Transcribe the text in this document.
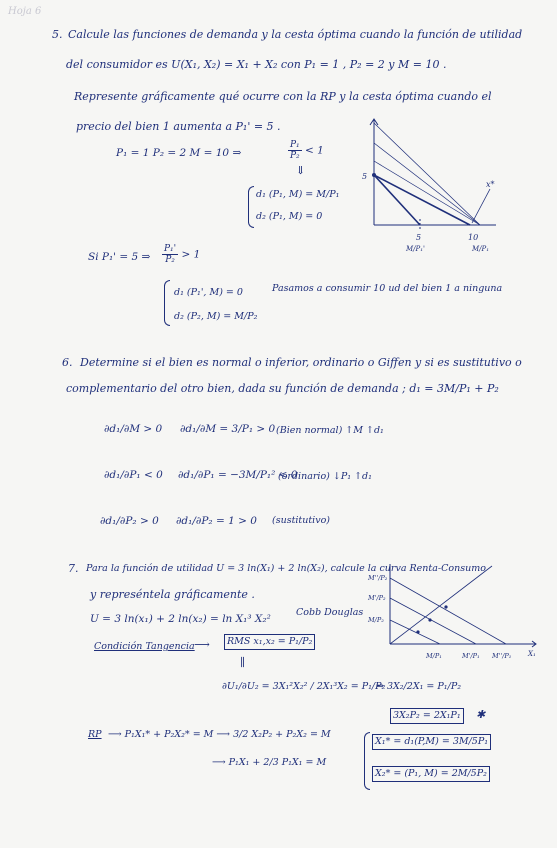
Hoja 6
5. Calcule las funciones de demanda y la cesta óptima cuando la función de utilidad
del consumidor es U(X₁, X₂) = X₁ + X₂ con P₁ = 1 , P₂ = 2 y M = 10 .
Represente gráficamente qué ocurre con la RP y la cesta óptima cuando el
precio del bien 1 aumenta a P₁' = 5 .
P₁ = 1 P₂ = 2 M = 10 ⇒	$\frac{\text{P₁}}{\text{P₂}} < 1$
⇓
d₁ (P₁, M) = M/P₁
d₂ (P₁, M) = 0
Si P₁' = 5 ⇒ $\frac{\text{P₁'}}{\text{P₂}} > 1$
d₁ (P₁', M) = 0
d₂ (P₂, M) = M/P₂
Pasamos a consumir 10 ud del bien 1 a ninguna
5
5	10
M/P₁'	M/P₁
x*
6. Determine si el bien es normal o inferior, ordinario o Giffen y si es sustitutivo o
complementario del otro bien, dada su función de demanda ; d₁ = 3M/P₁ + P₂
∂d₁/∂M > 0 ∂d₁/∂M = 3/P₁ > 0 (Bien normal) ↑M ↑d₁
∂d₁/∂P₁ < 0 ∂d₁/∂P₁ = −3M/P₁² < 0
(ordinario) ↓P₁ ↑d₁
∂d₁/∂P₂ > 0 ∂d₁/∂P₂ = 1 > 0 (sustitutivo)
7. Para la función de utilidad U = 3 ln(X₁) + 2 ln(X₂), calcule la curva Renta-Consumo
y represéntela gráficamente .
U = 3 ln(x₁) + 2 ln(x₂) = ln X₁³ X₂²
Cobb Douglas
Condición Tangencia ⟶	RMS x₁,x₂ = P₁/P₂
∥
∂U₁/∂U₂ = 3X₁²X₂² / 2X₁³X₂ = P₁/P₂
⇒ 3X₂/2X₁ = P₁/P₂
3X₂P₂ = 2X₁P₁ ✱
RP ⟶ P₁X₁* + P₂X₂* = M ⟶ 3/2 X₂P₂ + P₂X₂ = M
⟶ P₁X₁ + 2/3 P₁X₁ = M
X₁* = d₁(P,M) = 3M/5P₁
X₂* = (P₁, M) = 2M/5P₂
M''/P₂
M'/P₂
M/P₂
M/P₁	M'/P₁ M''/P₁ X₁
